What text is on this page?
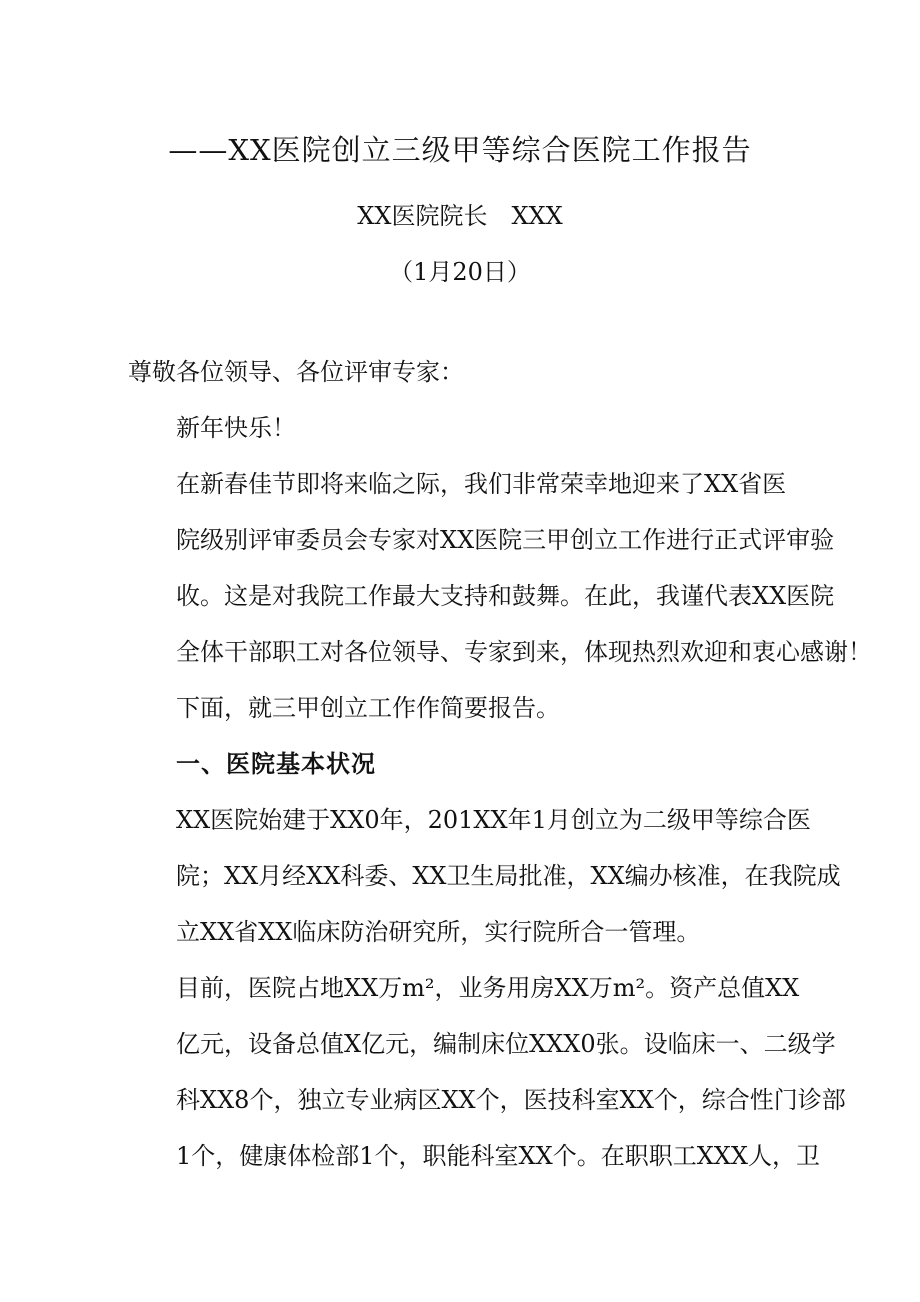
——XX医院创立三级甲等综合医院工作报告
XX医院院长　XXX
（1月20日）
尊敬各位领导、各位评审专家：
新年快乐！
在新春佳节即将来临之际，我们非常荣幸地迎来了XX省医
院级别评审委员会专家对XX医院三甲创立工作进行正式评审验
收。这是对我院工作最大支持和鼓舞。在此，我谨代表XX医院
全体干部职工对各位领导、专家到来，体现热烈欢迎和衷心感谢！
下面，就三甲创立工作作简要报告。
一、医院基本状况
XX医院始建于XX0年，201XX年1月创立为二级甲等综合医
院；XX月经XX科委、XX卫生局批准，XX编办核准，在我院成
立XX省XX临床防治研究所，实行院所合一管理。
目前，医院占地XX万m²，业务用房XX万m²。资产总值XX
亿元，设备总值X亿元，编制床位XXX0张。设临床一、二级学
科XX8个，独立专业病区XX个，医技科室XX个，综合性门诊部
1个，健康体检部1个，职能科室XX个。在职职工XXX人，卫
